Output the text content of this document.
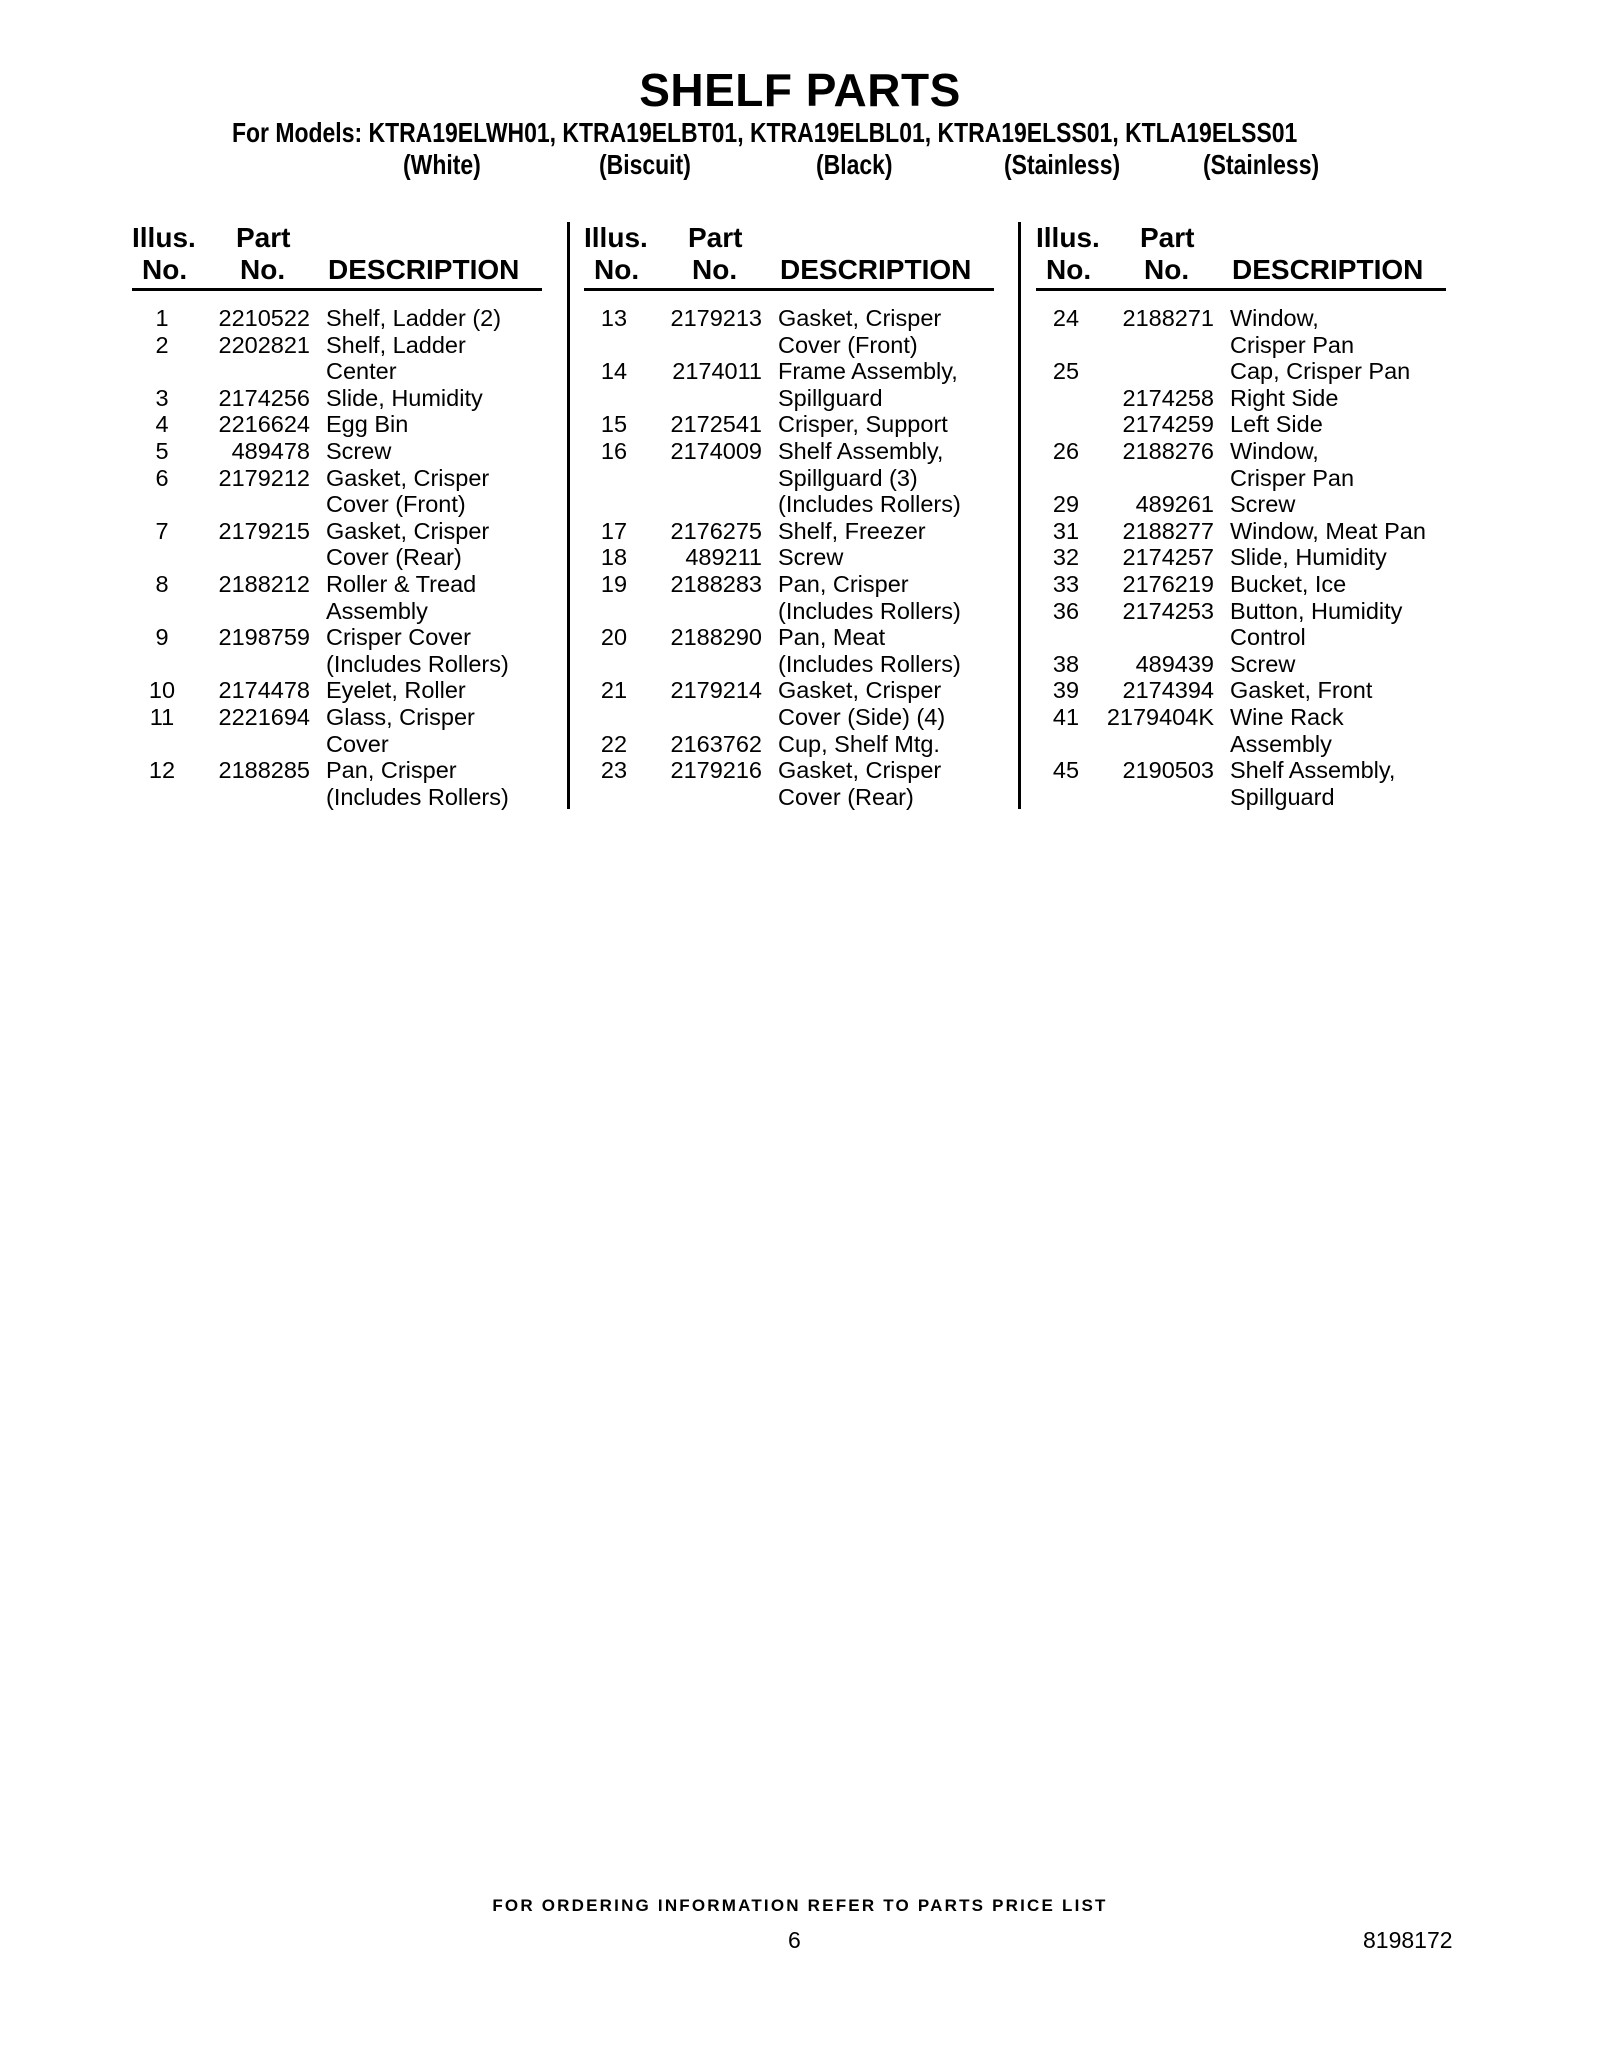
SHELF PARTS
For Models: KTRA19ELWH01, KTRA19ELBT01, KTRA19ELBL01, KTRA19ELSS01, KTLA19ELSS01
(White)	(Biscuit)	(Black)	(Stainless)	(Stainless)
Illus.
No.
Part
No. DESCRIPTION
1	2210522 Shelf, Ladder (2)
2	2202821 Shelf, Ladder
Center
3	2174256 Slide, Humidity
4	2216624 Egg Bin
5	489478 Screw
6	2179212 Gasket, Crisper
Cover (Front)
7	2179215 Gasket, Crisper
Cover (Rear)
8	2188212 Roller & Tread
Assembly
9	2198759 Crisper Cover
(Includes Rollers)
10	2174478 Eyelet, Roller
11	2221694 Glass, Crisper
Cover
12	2188285 Pan, Crisper
(Includes Rollers)
Illus.
No.
Part
No. DESCRIPTION
13	2179213 Gasket, Crisper
Cover (Front)
14	2174011 Frame Assembly,
Spillguard
15	2172541 Crisper, Support
16	2174009 Shelf Assembly,
Spillguard (3)
(Includes Rollers)
17	2176275 Shelf, Freezer
18	489211 Screw
19	2188283 Pan, Crisper
(Includes Rollers)
20	2188290 Pan, Meat
(Includes Rollers)
21	2179214 Gasket, Crisper
Cover (Side) (4)
22	2163762 Cup, Shelf Mtg.
23	2179216 Gasket, Crisper
Cover (Rear)
Illus.
No.
Part
No. DESCRIPTION
24	2188271 Window,
Crisper Pan
25	Cap, Crisper Pan
2174258 Right Side
2174259 Left Side
26	2188276 Window,
Crisper Pan
29	489261 Screw
31	2188277 Window, Meat Pan
32	2174257 Slide, Humidity
33	2176219 Bucket, Ice
36	2174253 Button, Humidity
Control
38	489439 Screw
39	2174394 Gasket, Front
41	2179404K Wine Rack Assembly
45	2190503 Shelf Assembly,
Spillguard
FOR ORDERING INFORMATION REFER TO PARTS PRICE LIST
6	8198172
